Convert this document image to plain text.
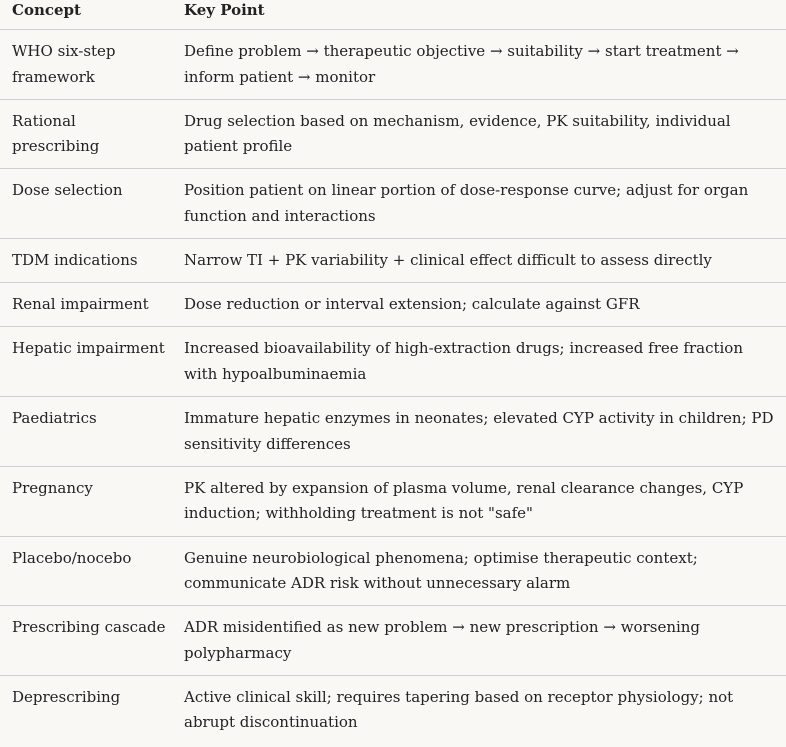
Concept	Key Point
WHO six-step framework	Define problem → therapeutic objective → suitability → start treatment → inform patient → monitor
Rational prescribing	Drug selection based on mechanism, evidence, PK suitability, individual patient profile
Dose selection	Position patient on linear portion of dose-response curve; adjust for organ function and interactions
TDM indications	Narrow TI + PK variability + clinical effect difficult to assess directly
Renal impairment	Dose reduction or interval extension; calculate against GFR
Hepatic impairment	Increased bioavailability of high-extraction drugs; increased free fraction with hypoalbuminaemia
Paediatrics	Immature hepatic enzymes in neonates; elevated CYP activity in children; PD sensitivity differences
Pregnancy	PK altered by expansion of plasma volume, renal clearance changes, CYP induction; withholding treatment is not "safe"
Placebo/nocebo	Genuine neurobiological phenomena; optimise therapeutic context; communicate ADR risk without unnecessary alarm
Prescribing cascade	ADR misidentified as new problem → new prescription → worsening polypharmacy
Deprescribing	Active clinical skill; requires tapering based on receptor physiology; not abrupt discontinuation
